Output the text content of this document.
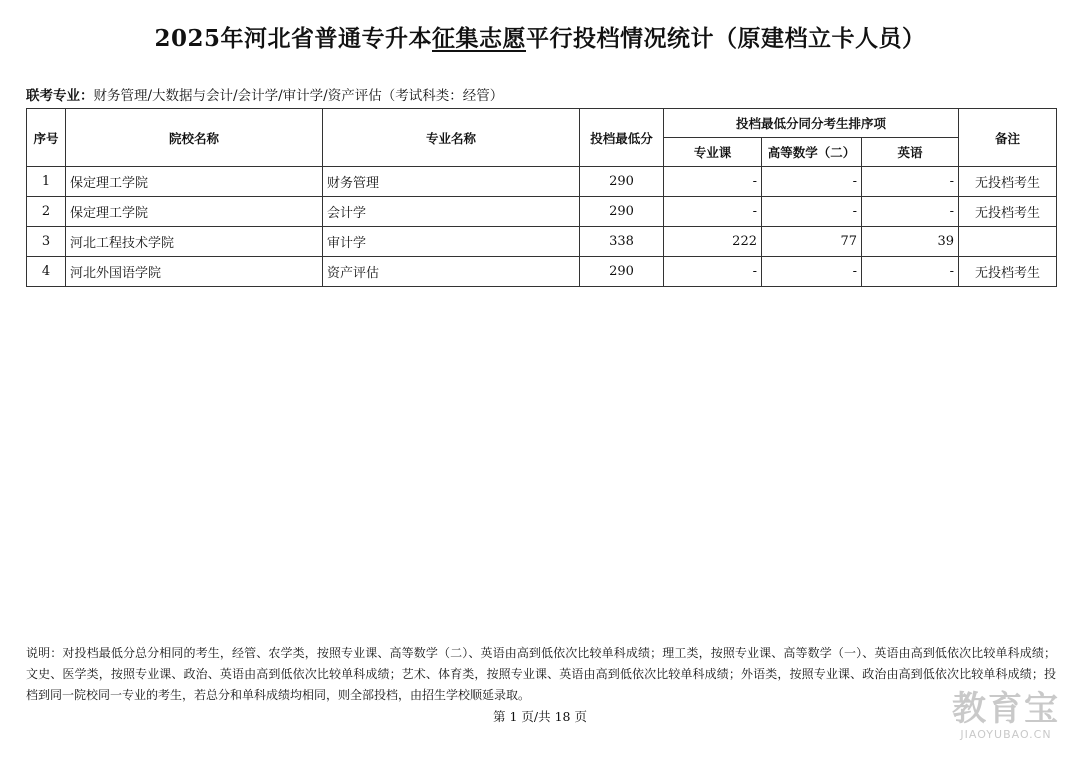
2025年河北省普通专升本征集志愿平行投档情况统计（原建档立卡人员）
联考专业：财务管理/大数据与会计/会计学/审计学/资产评估（考试科类：经管）
序号	院校名称	专业名称	投档最低分	投档最低分同分考生排序项			备注
				专业课	高等数学（二）	英语	
1	保定理工学院	财务管理	290	-	-	-	无投档考生
2	保定理工学院	会计学	290	-	-	-	无投档考生
3	河北工程技术学院	审计学	338	222	77	39	
4	河北外国语学院	资产评估	290	-	-	-	无投档考生
说明：对投档最低分总分相同的考生，经管、农学类，按照专业课、高等数学（二）、英语由高到低依次比较单科成绩；理工类，按照专业课、高等数学（一）、英语由高到低依次比较单科成绩；文史、医学类，按照专业课、政治、英语由高到低依次比较单科成绩；艺术、体育类，按照专业课、英语由高到低依次比较单科成绩；外语类，按照专业课、政治由高到低依次比较单科成绩；投档到同一院校同一专业的考生，若总分和单科成绩均相同，则全部投档，由招生学校顺延录取。
第 1 页/共 18 页	教育宝
JIAOYUBAO.CN
